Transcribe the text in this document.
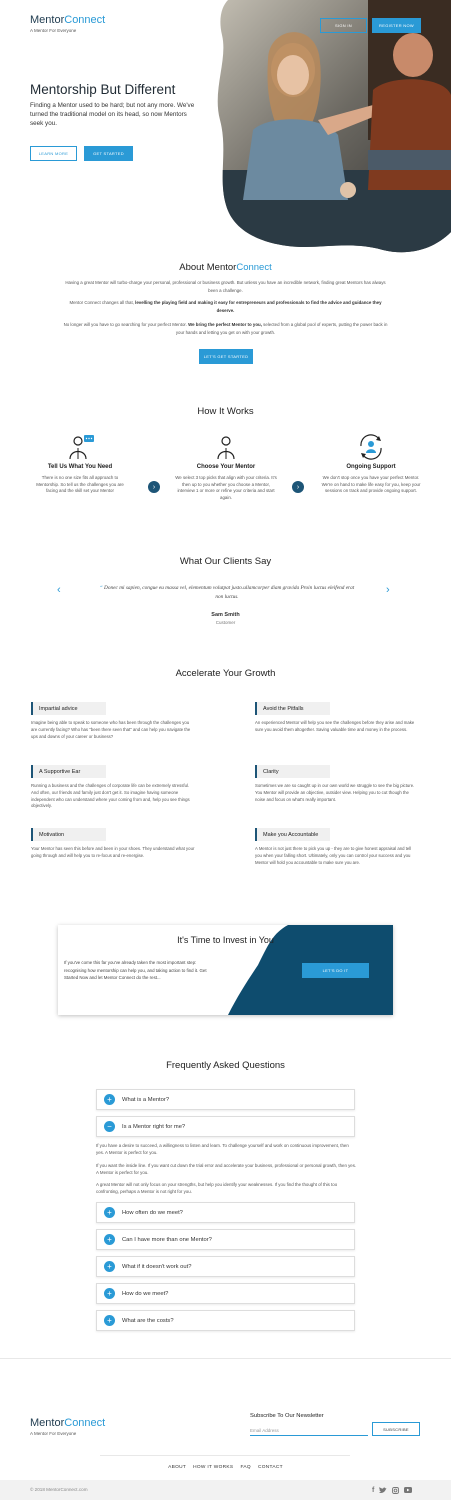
MentorConnect
A Mentor For Everyone
SIGN IN	REGISTER NOW
Mentorship But Different
Finding a Mentor used to be hard; but not any more. We've turned the traditional model on its head, so now Mentors seek you.
LEARN MORE	GET STARTED
About MentorConnect
Having a great Mentor will turbo-charge your personal, professional or business growth. But unless you have an incredible network, finding great Mentors has always been a challenge.
Mentor Connect changes all that, levelling the playing field and making it easy for entrepreneurs and professionals to find the advice and guidance they deserve.
No longer will you have to go searching for your perfect Mentor. We bring the perfect Mentor to you, selected from a global pool of experts, putting the power back in your hands and letting you get on with your growth.
LET'S GET STARTED
How It Works
Tell Us What You Need
There is no one size fits all approach to Mentorship. So tell us the challenges you are facing and the skill set your Mentor	›
Choose Your Mentor
We select 3 top picks that align with your criteria. It's then up to you whether you choose a Mentor, interview 1 or more or refine your criteria and start again.
›
Ongoing Support
We don't stop once you have your perfect Mentor. We're on hand to make life easy for you, keep your sessions on track and provide ongoing support.
What Our Clients Say
‹	›
“ Donec mi sapien, congue eu massa vel, elementum volutpat justo.ullamcorper diam gravida Proin luctus eleifend erat non luctus.
Sam Smith
Customer
Accelerate Your Growth
Impartial advice
Imagine being able to speak to someone who has been through the challenges you are currently facing? Who has "been there seen that" and can help you navigate the ups and downs of your career or business?
Avoid the Pitfalls
An experienced Mentor will help you see the challenges before they arise and make sure you avoid them altogether. Saving valuable time and money in the process.
A Supportive Ear
Running a business and the challenges of corporate life can be extremely stressful. And often, our friends and family just don't get it. So imagine having someone independent who can understand where your coming from and, help you see things objectively.
Clarity
Sometimes we are so caught up in our own world we struggle to see the big picture. You Mentor will provide an objective, outsider view. Helping you to cut though the noise and focus on what's really important.
Motivation
Your Mentor has seen this before and been in your shoes. They understand what your going through and will help you to re-focus and re-energise.
Make you Accountable
A Mentor is not just there to pick you up - they are to give honest appraisal and tell you when your falling short. Ultimately, only you can control your success and you Mentor will hold you accountable to make sure you are.
It's Time to Invest in You
If you've come this far you've already taken the most important step: recognising how mentorship can help you, and taking action to find it. Get Started Now and let Mentor Connect do the rest...
LET'S DO IT
Frequently Asked Questions
+	What is a Mentor?
−	Is a Mentor right for me?
If you have a desire to succeed, a willingness to listen and learn. To challenge yourself and work on continuous improvement, then yes. A Mentor is perfect for you.
If you want the inside line. If you want cut down the trial error and accelerate your business, professional or personal growth, then yes. A Mentor is perfect for you.
A great Mentor will not only focus on your strengths, but help you identify your weaknesses. If you find the thought of this too confronting, perhaps a Mentor is not right for you.
+	How often do we meet?
+	Can I have more than one Mentor?
+	What if it doesn't work out?
+	How do we meet?
+	What are the costs?
MentorConnect
A Mentor For Everyone
Subscribe To Our Newsletter
Email Address	SUBSCRIBE
ABOUT HOW IT WORKS FAQ CONTACT
© 2018 MentorConnect.com	f
